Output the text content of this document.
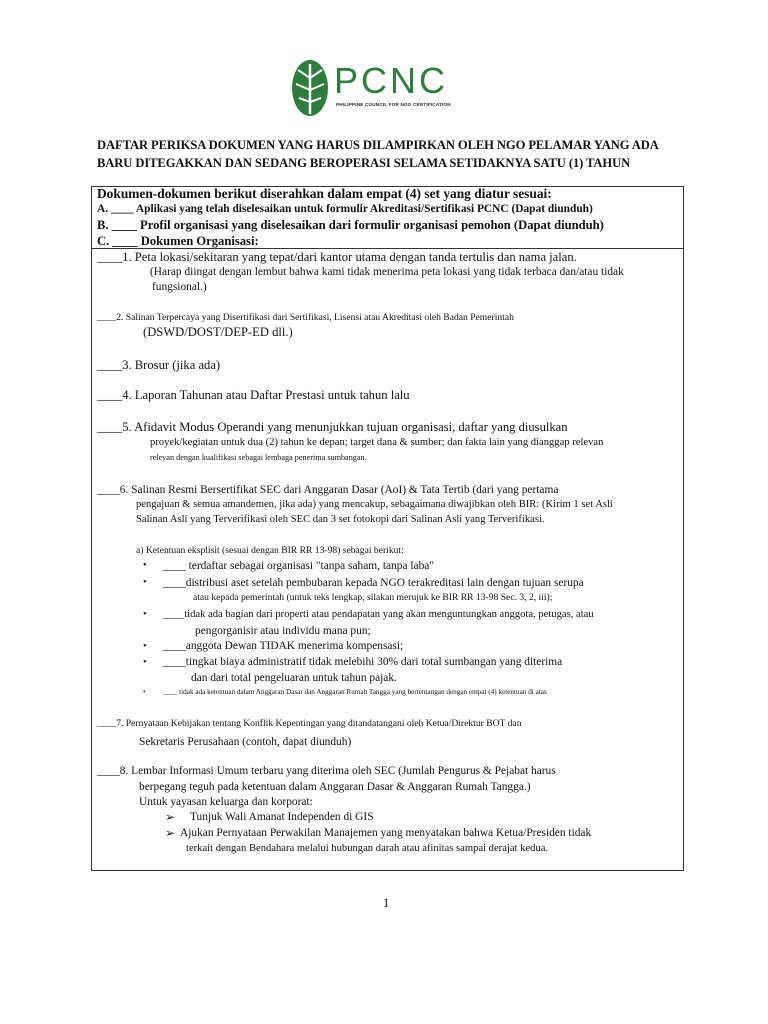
PCNC
PHILIPPINE COUNCIL FOR NGO CERTIFICATION
DAFTAR PERIKSA DOKUMEN YANG HARUS DILAMPIRKAN OLEH NGO PELAMAR YANG ADA
BARU DITEGAKKAN DAN SEDANG BEROPERASI SELAMA SETIDAKNYA SATU (1) TAHUN
Dokumen-dokumen berikut diserahkan dalam empat (4) set yang diatur sesuai:
A. ____ Aplikasi yang telah diselesaikan untuk formulir Akreditasi/Sertifikasi PCNC (Dapat diunduh)
B. ____ Profil organisasi yang diselesaikan dari formulir organisasi pemohon (Dapat diunduh)
C. ____ Dokumen Organisasi:
____1. Peta lokasi/sekitaran yang tepat/dari kantor utama dengan tanda tertulis dan nama jalan.
(Harap diingat dengan lembut bahwa kami tidak menerima peta lokasi yang tidak terbaca dan/atau tidak
fungsional.)
____2. Salinan Terpercaya yang Disertifikasi dari Sertifikasi, Lisensi atau Akreditasi oleh Badan Pemerintah
(DSWD/DOST/DEP-ED dll.)
____3. Brosur (jika ada)
____4. Laporan Tahunan atau Daftar Prestasi untuk tahun lalu
____5. Afidavit Modus Operandi yang menunjukkan tujuan organisasi, daftar yang diusulkan
proyek/kegiatan untuk dua (2) tahun ke depan; target dana & sumber; dan fakta lain yang dianggap relevan
relevan dengan kualifikasi sebagai lembaga penerima sumbangan.
____6. Salinan Resmi Bersertifikat SEC dari Anggaran Dasar (AoI) & Tata Tertib (dari yang pertama
pengajuan & semua amandemen, jika ada) yang mencakup, sebagaimana diwajibkan oleh BIR: (Kirim 1 set Asli
Salinan Asli yang Terverifikasi oleh SEC dan 3 set fotokopi dari Salinan Asli yang Terverifikasi.
a) Ketentuan eksplisit (sesuai dengan BIR RR 13-98) sebagai berikut:
• ____ terdaftar sebagai organisasi "tanpa saham, tanpa laba"
• ____distribusi aset setelah pembubaran kepada NGO terakreditasi lain dengan tujuan serupa
atau kepada pemerintah (untuk teks lengkap, silakan merujuk ke BIR RR 13-98 Sec. 3, 2, iii);
• ____tidak ada bagian dari properti atau pendapatan yang akan menguntungkan anggota, petugas, atau
pengorganisir atau individu mana pun;
• ____anggota Dewan TIDAK menerima kompensasi;
• ____tingkat biaya administratif tidak melebihi 30% dari total sumbangan yang diterima
dan dari total pengeluaran untuk tahun pajak.
• ____ tidak ada ketentuan dalam Anggaran Dasar dan Anggaran Rumah Tangga yang bertentangan dengan empat (4) ketentuan di atas
____7. Pernyataan Kebijakan tentang Konflik Kepentingan yang ditandatangani oleh Ketua/Direktur BOT dan
Sekretaris Perusahaan (contoh, dapat diunduh)
____8. Lembar Informasi Umum terbaru yang diterima oleh SEC (Jumlah Pengurus & Pejabat harus
berpegang teguh pada ketentuan dalam Anggaran Dasar & Anggaran Rumah Tangga.)
Untuk yayasan keluarga dan korporat:
➢ Tunjuk Wali Amanat Independen di GIS
➢ Ajukan Pernyataan Perwakilan Manajemen yang menyatakan bahwa Ketua/Presiden tidak
terkait dengan Bendahara melalui hubungan darah atau afinitas sampai derajat kedua.
1
